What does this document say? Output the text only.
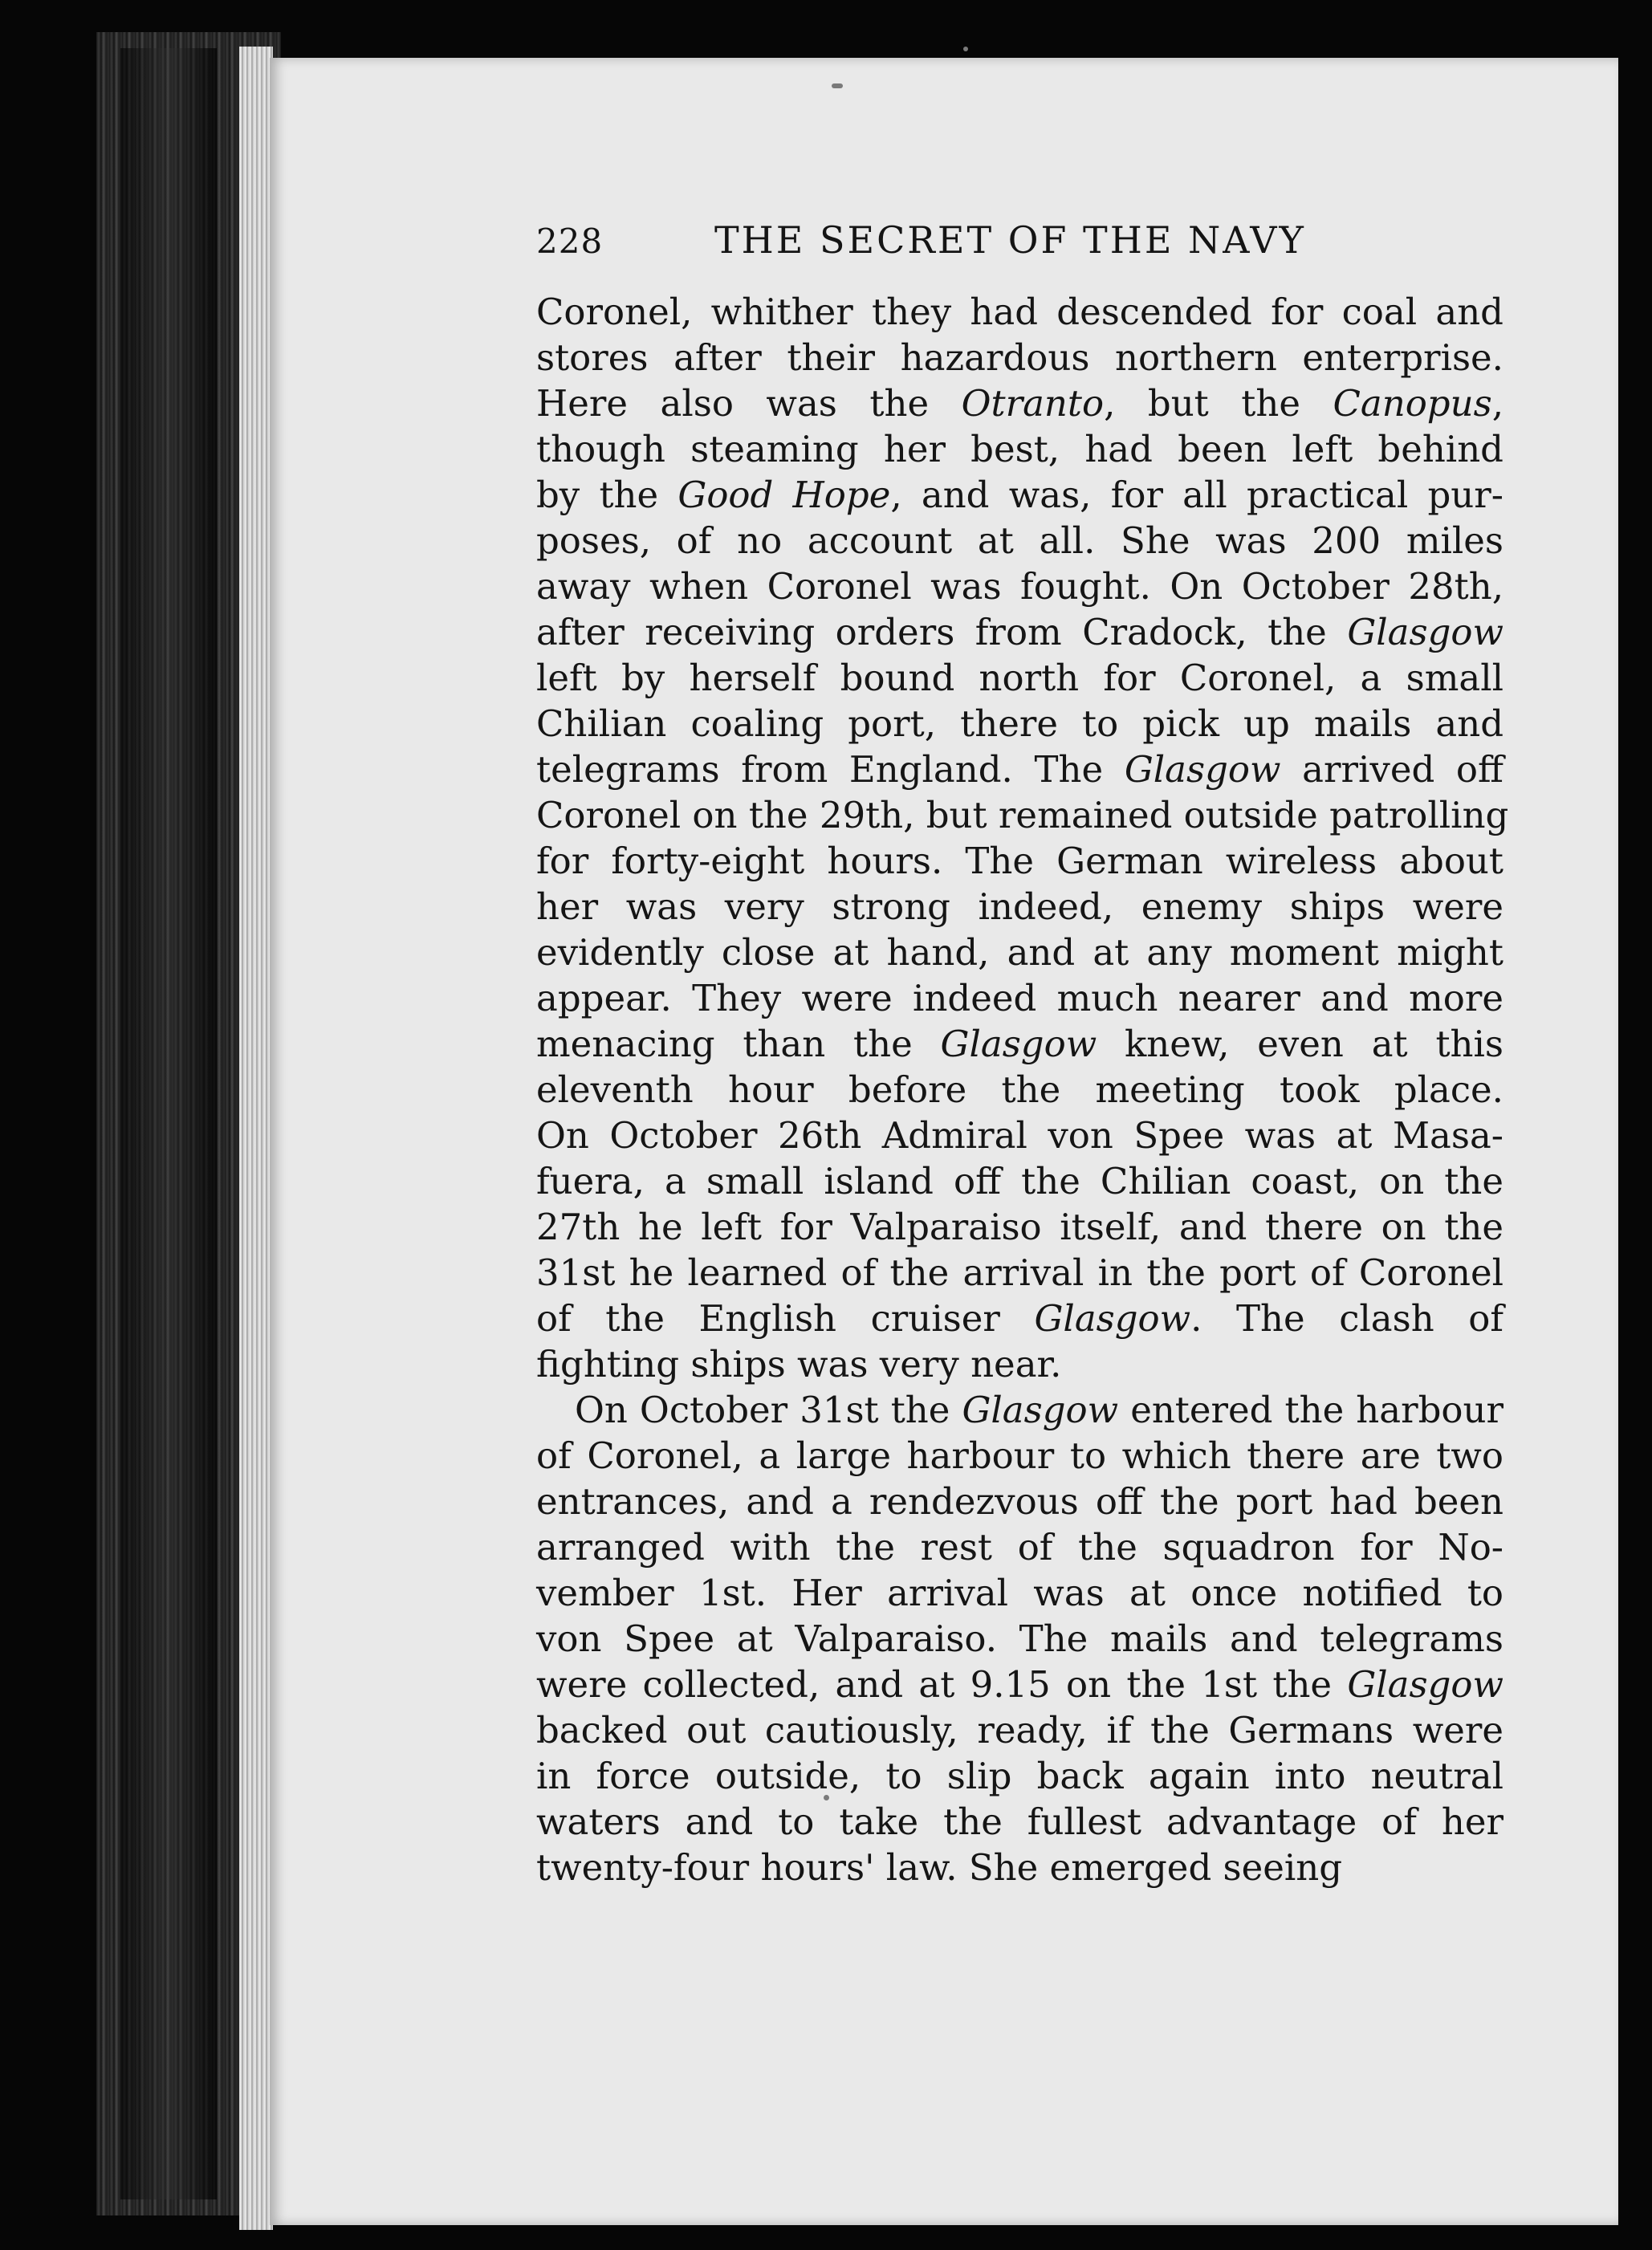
228	THE SECRET OF THE NAVY
Coronel, whither they had descended for coal and
stores after their hazardous northern enterprise.
Here also was the Otranto, but the Canopus,
though steaming her best, had been left behind
by the Good Hope, and was, for all practical pur-
poses, of no account at all. She was 200 miles
away when Coronel was fought. On October 28th,
after receiving orders from Cradock, the Glasgow
left by herself bound north for Coronel, a small
Chilian coaling port, there to pick up mails and
telegrams from England. The Glasgow arrived off
Coronel on the 29th, but remained outside patrolling
for forty-eight hours. The German wireless about
her was very strong indeed, enemy ships were
evidently close at hand, and at any moment might
appear. They were indeed much nearer and more
menacing than the Glasgow knew, even at this
eleventh hour before the meeting took place.
On October 26th Admiral von Spee was at Masa-
fuera, a small island off the Chilian coast, on the
27th he left for Valparaiso itself, and there on the
31st he learned of the arrival in the port of Coronel
of the English cruiser Glasgow. The clash of
fighting ships was very near.
On October 31st the Glasgow entered the harbour
of Coronel, a large harbour to which there are two
entrances, and a rendezvous off the port had been
arranged with the rest of the squadron for No-
vember 1st. Her arrival was at once notified to
von Spee at Valparaiso. The mails and telegrams
were collected, and at 9.15 on the 1st the Glasgow
backed out cautiously, ready, if the Germans were
in force outside, to slip back again into neutral
waters and to take the fullest advantage of her
twenty-four hours' law. She emerged seeing
